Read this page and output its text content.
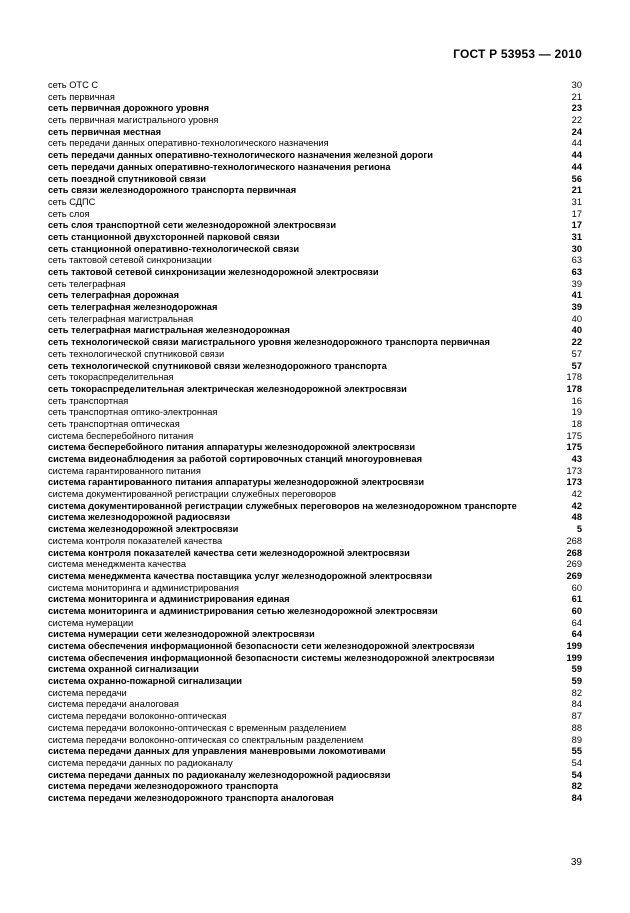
ГОСТ Р 53953 — 2010
сеть ОТС С	30
сеть первичная	21
сеть первичная дорожного уровня	23
сеть первичная магистрального уровня	22
сеть первичная местная	24
сеть передачи данных оперативно-технологического назначения	44
сеть передачи данных оперативно-технологического назначения железной дороги	44
сеть передачи данных оперативно-технологического назначения региона	44
сеть поездной спутниковой связи	56
сеть связи железнодорожного транспорта первичная	21
сеть СДПС	31
сеть слоя	17
сеть слоя транспортной сети железнодорожной электросвязи	17
сеть станционной двухсторонней парковой связи	31
сеть станционной оперативно-технологической связи	30
сеть тактовой сетевой синхронизации	63
сеть тактовой сетевой синхронизации железнодорожной электросвязи	63
сеть телеграфная	39
сеть телеграфная дорожная	41
сеть телеграфная железнодорожная	39
сеть телеграфная магистральная	40
сеть телеграфная магистральная железнодорожная	40
сеть технологической связи магистрального уровня железнодорожного транспорта первичная	22
сеть технологической спутниковой связи	57
сеть технологической спутниковой связи железнодорожного транспорта	57
сеть токораспределительная	178
сеть токораспределительная электрическая железнодорожной электросвязи	178
сеть транспортная	16
сеть транспортная оптико-электронная	19
сеть транспортная оптическая	18
система бесперебойного питания	175
система бесперебойного питания аппаратуры железнодорожной электросвязи	175
система видеонаблюдения за работой сортировочных станций многоуровневая	43
система гарантированного питания	173
система гарантированного питания аппаратуры железнодорожной электросвязи	173
система документированной регистрации служебных переговоров	42
система документированной регистрации служебных переговоров на железнодорожном транспорте	42
система железнодорожной радиосвязи	48
система железнодорожной электросвязи	5
система контроля показателей качества	268
система контроля показателей качества сети железнодорожной электросвязи	268
система менеджмента качества	269
система менеджмента качества поставщика услуг железнодорожной электросвязи	269
система мониторинга и администрирования	60
система мониторинга и администрирования единая	61
система мониторинга и администрирования сетью железнодорожной электросвязи	60
система нумерации	64
система нумерации сети железнодорожной электросвязи	64
система обеспечения информационной безопасности сети железнодорожной электросвязи	199
система обеспечения информационной безопасности системы железнодорожной электросвязи	199
система охранной сигнализации	59
система охранно-пожарной сигнализации	59
система передачи	82
система передачи аналоговая	84
система передачи волоконно-оптическая	87
система передачи волоконно-оптическая с временным разделением	88
система передачи волоконно-оптическая со спектральным разделением	89
система передачи данных для управления маневровыми локомотивами	55
система передачи данных по радиоканалу	54
система передачи данных по радиоканалу железнодорожной радиосвязи	54
система передачи железнодорожного транспорта	82
система передачи железнодорожного транспорта аналоговая	84
39
